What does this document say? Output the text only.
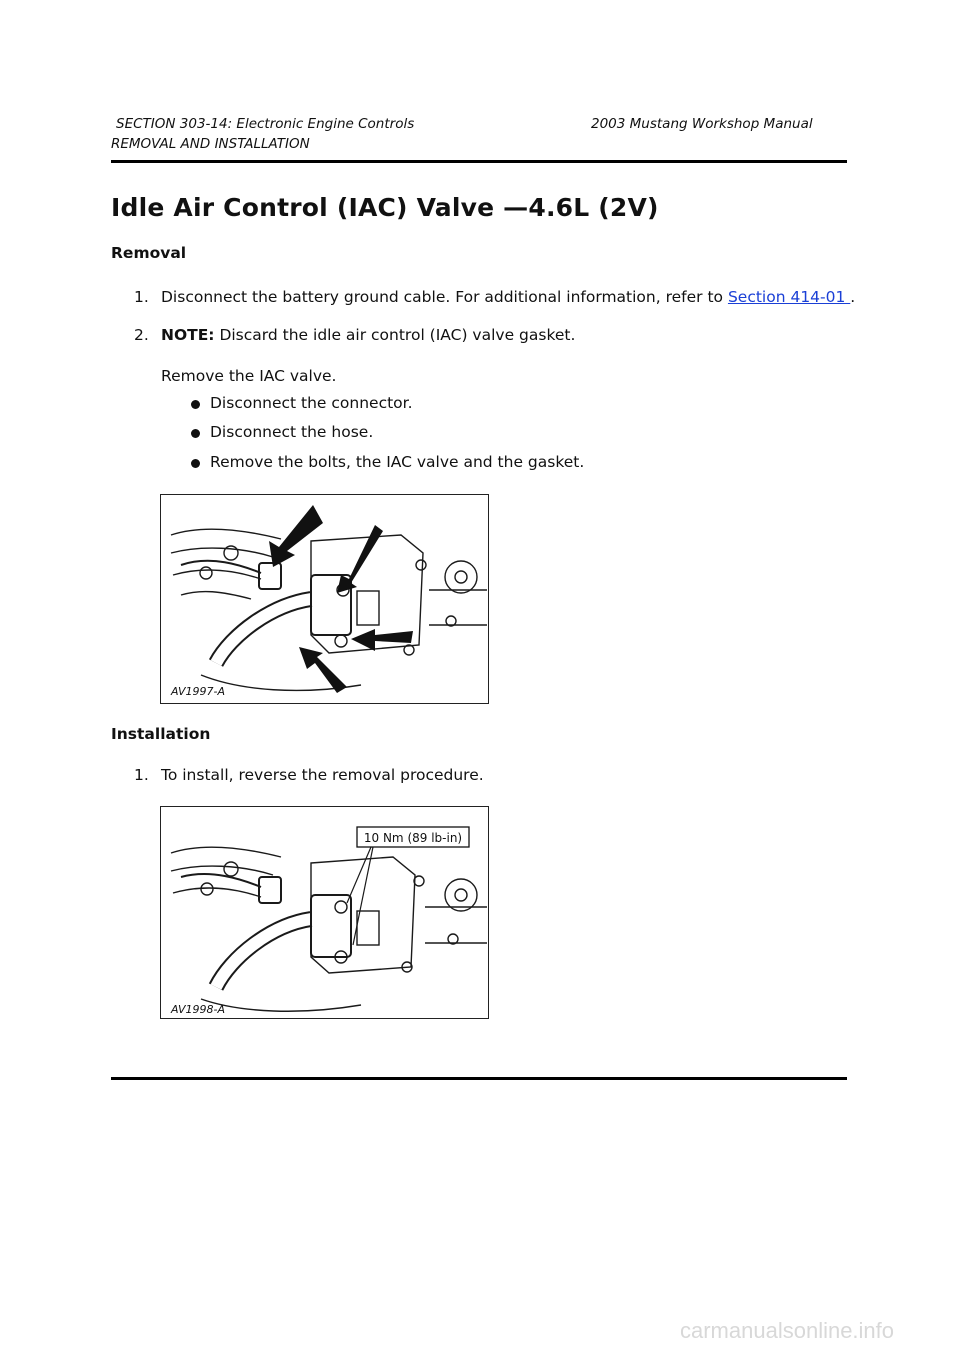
SECTION 303-14: Electronic Engine Controls	2003 Mustang Workshop Manual
REMOVAL AND INSTALLATION
Idle Air Control (IAC) Valve —4.6L (2V)
Removal
1. Disconnect the battery ground cable. For additional information, refer to Section 414-01 .
2. NOTE: Discard the idle air control (IAC) valve gasket.
Remove the IAC valve.
Disconnect the connector.
Disconnect the hose.
Remove the bolts, the IAC valve and the gasket.
AV1997-A
Installation
1. To install, reverse the removal procedure.
10 Nm (89 lb-in)
AV1998-A
carmanualsonline.info
